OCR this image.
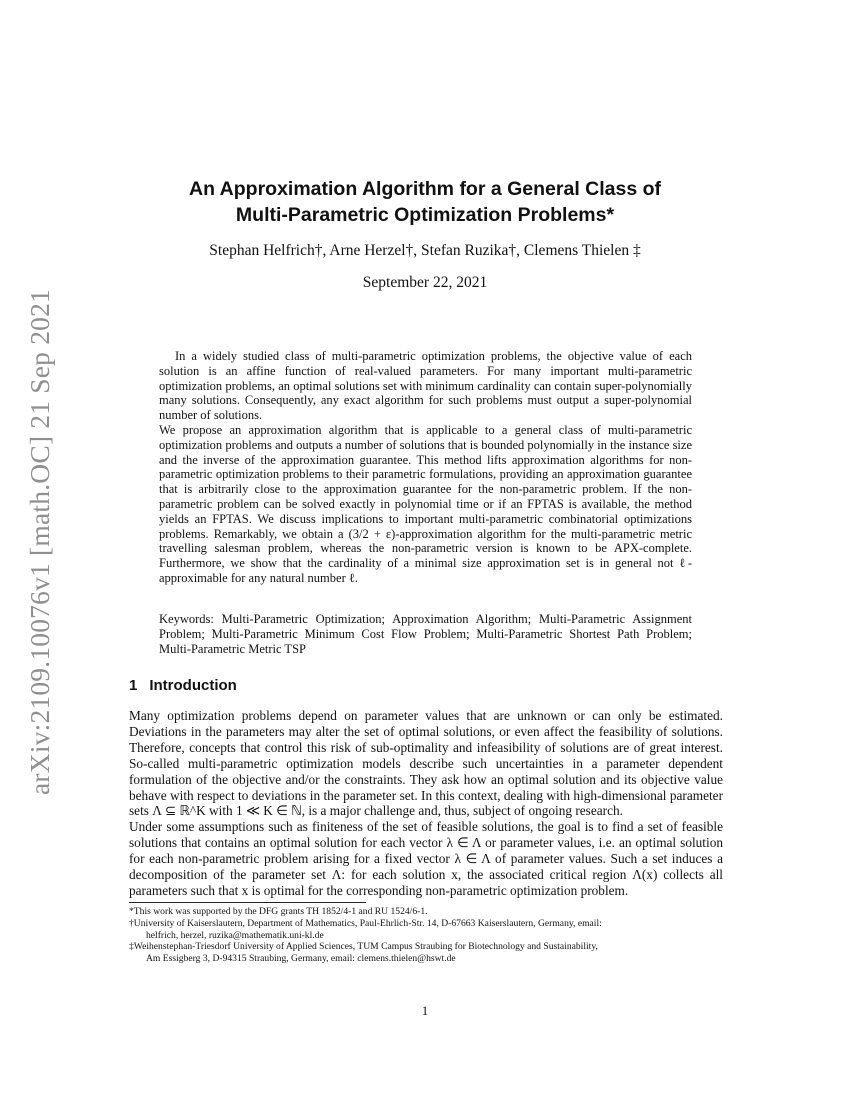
arXiv:2109.10076v1 [math.OC] 21 Sep 2021
An Approximation Algorithm for a General Class of
Multi-Parametric Optimization Problems*
Stephan Helfrich†, Arne Herzel†, Stefan Ruzika†, Clemens Thielen ‡
September 22, 2021

In a widely studied class of multi-parametric optimization problems, the objective value of each solution is an affine function of real-valued parameters. For many important multi-parametric optimization problems, an optimal solutions set with minimum cardinality can contain super-polynomially many solutions. Consequently, any exact algorithm for such problems must output a super-polynomial number of solutions.

We propose an approximation algorithm that is applicable to a general class of multi-parametric optimization problems and outputs a number of solutions that is bounded polynomially in the instance size and the inverse of the approximation guarantee. This method lifts approximation algorithms for non-parametric optimization problems to their parametric formulations, providing an approximation guarantee that is arbitrarily close to the approximation guarantee for the non-parametric problem. If the non-parametric problem can be solved exactly in polynomial time or if an FPTAS is available, the method yields an FPTAS. We discuss implications to important multi-parametric combinatorial optimizations problems. Remarkably, we obtain a (3/2 + ε)-approximation algorithm for the multi-parametric metric travelling salesman problem, whereas the non-parametric version is known to be APX-complete. Furthermore, we show that the cardinality of a minimal size approximation set is in general not ℓ-approximable for any natural number ℓ.

Keywords: Multi-Parametric Optimization; Approximation Algorithm; Multi-Parametric Assignment Problem; Multi-Parametric Minimum Cost Flow Problem; Multi-Parametric Shortest Path Problem; Multi-Parametric Metric TSP
1 Introduction

Many optimization problems depend on parameter values that are unknown or can only be estimated. Deviations in the parameters may alter the set of optimal solutions, or even affect the feasibility of solutions. Therefore, concepts that control this risk of sub-optimality and infeasibility of solutions are of great interest. So-called multi-parametric optimization models describe such uncertainties in a parameter dependent formulation of the objective and/or the constraints. They ask how an optimal solution and its objective value behave with respect to deviations in the parameter set. In this context, dealing with high-dimensional parameter sets Λ ⊆ ℝ^K with 1 ≪ K ∈ ℕ, is a major challenge and, thus, subject of ongoing research.

Under some assumptions such as finiteness of the set of feasible solutions, the goal is to find a set of feasible solutions that contains an optimal solution for each vector λ ∈ Λ or parameter values, i.e. an optimal solution for each non-parametric problem arising for a fixed vector λ ∈ Λ of parameter values. Such a set induces a decomposition of the parameter set Λ: for each solution x, the associated critical region Λ(x) collects all parameters such that x is optimal for the corresponding non-parametric optimization problem.

*This work was supported by the DFG grants TH 1852/4-1 and RU 1524/6-1.
†University of Kaiserslautern, Department of Mathematics, Paul-Ehrlich-Str. 14, D-67663 Kaiserslautern, Germany, email:
helfrich, herzel, ruzika@mathematik.uni-kl.de
‡Weihenstephan-Triesdorf University of Applied Sciences, TUM Campus Straubing for Biotechnology and Sustainability,
Am Essigberg 3, D-94315 Straubing, Germany, email: clemens.thielen@hswt.de
1
